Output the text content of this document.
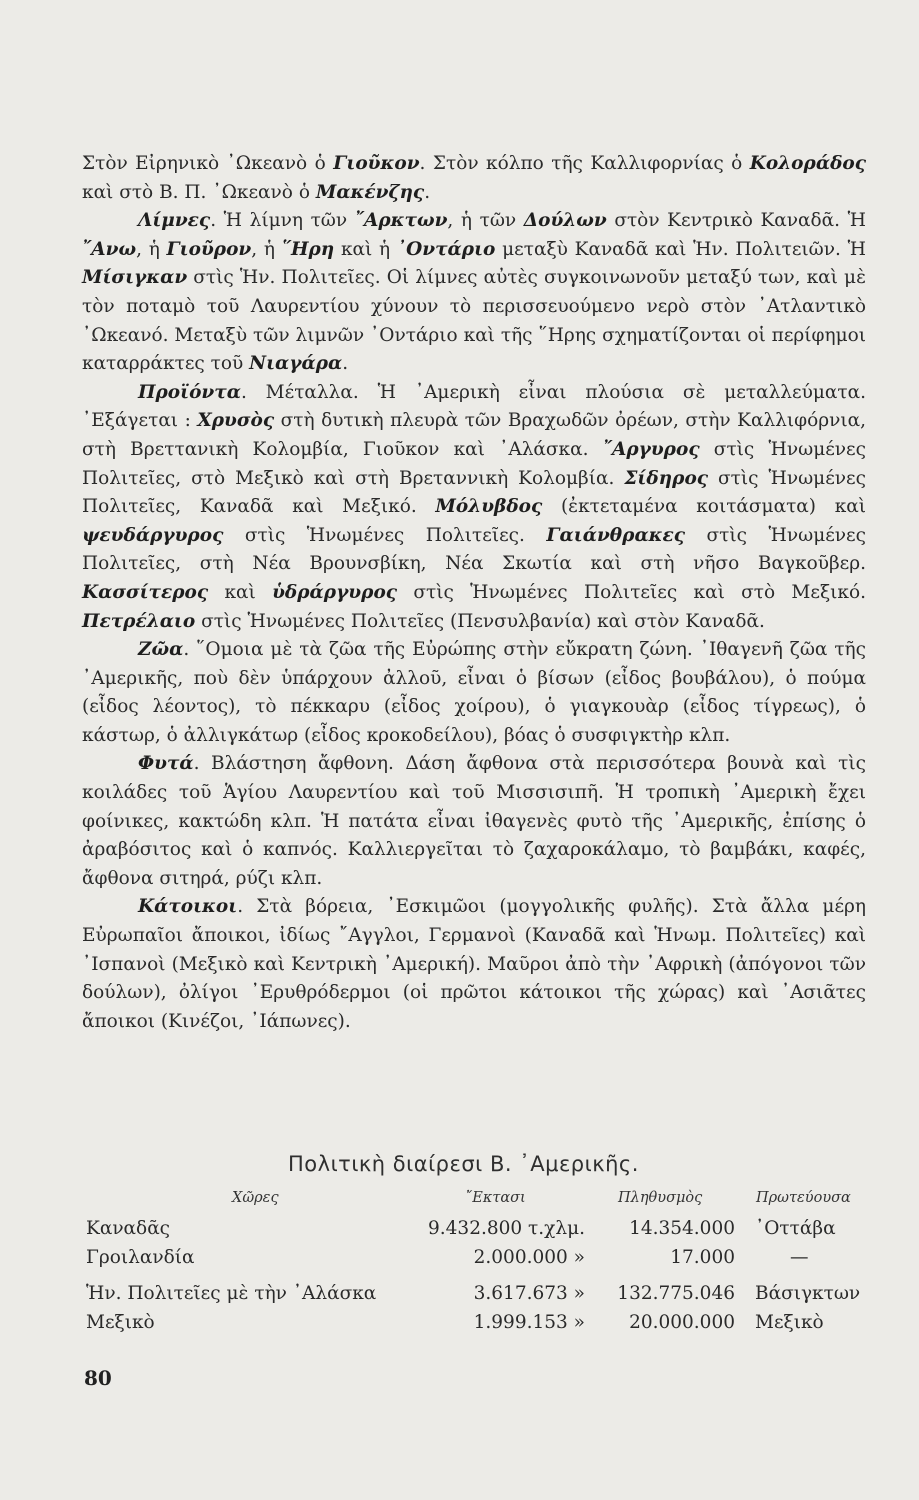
Στὸν Εἰρηνικὸ ᾽Ωκεανὸ ὁ Γιοῦκον. Στὸν κόλπο τῆς Καλλιφορνίας ὁ Κολοράδος καὶ στὸ Β. Π. ᾽Ωκεανὸ ὁ Μακένζης.

Λίμνες. Ἡ λίμνη τῶν ῎Αρκτων, ἡ τῶν Δούλων στὸν Κεντρικὸ Καναδᾶ. Ἡ ῎Ανω, ἡ Γιοῦρον, ἡ ῞Ηρη καὶ ἡ ᾽Οντάριο μεταξὺ Καναδᾶ καὶ Ἡν. Πολιτειῶν. Ἡ Μίσιγκαν στὶς Ἡν. Πολιτεῖες. Οἱ λίμνες αὐτὲς συγκοινωνοῦν μεταξύ των, καὶ μὲ τὸν ποταμὸ τοῦ Λαυρεντίου χύνουν τὸ περισσευούμενο νερὸ στὸν ᾽Ατλαντικὸ ᾽Ωκεανό. Μεταξὺ τῶν λιμνῶν ᾽Οντάριο καὶ τῆς ῞Ηρης σχηματίζονται οἱ περίφημοι καταρράκτες τοῦ Νιαγάρα.

Προϊόντα. Μέταλλα. Ἡ ᾽Αμερικὴ εἶναι πλούσια σὲ μεταλλεύματα. ᾽Εξάγεται : Χρυσὸς στὴ δυτικὴ πλευρὰ τῶν Βραχωδῶν ὀρέων, στὴν Καλλιφόρνια, στὴ Βρεττανικὴ Κολομβία, Γιοῦκον καὶ ᾽Αλάσκα. ῎Αργυρος στὶς Ἡνωμένες Πολιτεῖες, στὸ Μεξικὸ καὶ στὴ Βρεταννικὴ Κολομβία. Σίδηρος στὶς Ἡνωμένες Πολιτεῖες, Καναδᾶ καὶ Μεξικό. Μόλυβδος (ἐκτεταμένα κοιτάσματα) καὶ ψευδάργυρος στὶς Ἡνωμένες Πολιτεῖες. Γαιάνθρακες στὶς Ἡνωμένες Πολιτεῖες, στὴ Νέα Βρουνσβίκη, Νέα Σκωτία καὶ στὴ νῆσο Βαγκοῦβερ. Κασσίτερος καὶ ὑδράργυρος στὶς Ἡνωμένες Πολιτεῖες καὶ στὸ Μεξικό. Πετρέλαιο στὶς Ἡνωμένες Πολιτεῖες (Πενσυλβανία) καὶ στὸν Καναδᾶ.

Ζῶα. ῞Ομοια μὲ τὰ ζῶα τῆς Εὐρώπης στὴν εὔκρατη ζώνη. ᾽Ιθαγενῆ ζῶα τῆς ᾽Αμερικῆς, ποὺ δὲν ὑπάρχουν ἀλλοῦ, εἶναι ὁ βίσων (εἶδος βουβάλου), ὁ πούμα (εἶδος λέοντος), τὸ πέκκαρυ (εἶδος χοίρου), ὁ γιαγκουὰρ (εἶδος τίγρεως), ὁ κάστωρ, ὁ ἀλλιγκάτωρ (εἶδος κροκοδείλου), βόας ὁ συσφιγκτὴρ κλπ.

Φυτά. Βλάστηση ἄφθονη. Δάση ἄφθονα στὰ περισσότερα βουνὰ καὶ τὶς κοιλάδες τοῦ Ἁγίου Λαυρεντίου καὶ τοῦ Μισσισιπῆ. Ἡ τροπικὴ ᾽Αμερικὴ ἔχει φοίνικες, κακτώδη κλπ. Ἡ πατάτα εἶναι ἰθαγενὲς φυτὸ τῆς ᾽Αμερικῆς, ἐπίσης ὁ ἀραβόσιτος καὶ ὁ καπνός. Καλλιεργεῖται τὸ ζαχαροκάλαμο, τὸ βαμβάκι, καφές, ἄφθονα σιτηρά, ρύζι κλπ.

Κάτοικοι. Στὰ βόρεια, ᾽Εσκιμῶοι (μογγολικῆς φυλῆς). Στὰ ἄλλα μέρη Εὐρωπαῖοι ἄποικοι, ἰδίως ῎Αγγλοι, Γερμανοὶ (Καναδᾶ καὶ Ἡνωμ. Πολιτεῖες) καὶ ᾽Ισπανοὶ (Μεξικὸ καὶ Κεντρικὴ ᾽Αμερική). Μαῦροι ἀπὸ τὴν ᾽Αφρικὴ (ἀπόγονοι τῶν δούλων), ὀλίγοι ᾽Ερυθρόδερμοι (οἱ πρῶτοι κάτοικοι τῆς χώρας) καὶ ᾽Ασιᾶτες ἄποικοι (Κινέζοι, ᾽Ιάπωνες).

Πολιτικὴ διαίρεσι Β. ᾽Αμερικῆς.
Χῶρες	῎Εκτασι	Πληθυσμὸς	Πρωτεύουσα
Καναδᾶς	9.432.800 τ.χλμ. 14.354.000 ᾽Οττάβα
Γροιλανδία	2.000.000 »	17.000	—
Ἡν. Πολιτεῖες μὲ τὴν ᾽Αλάσκα	3.617.673 » 132.775.046 Βάσιγκτων
Μεξικὸ	1.999.153 » 20.000.000 Μεξικὸ
80
